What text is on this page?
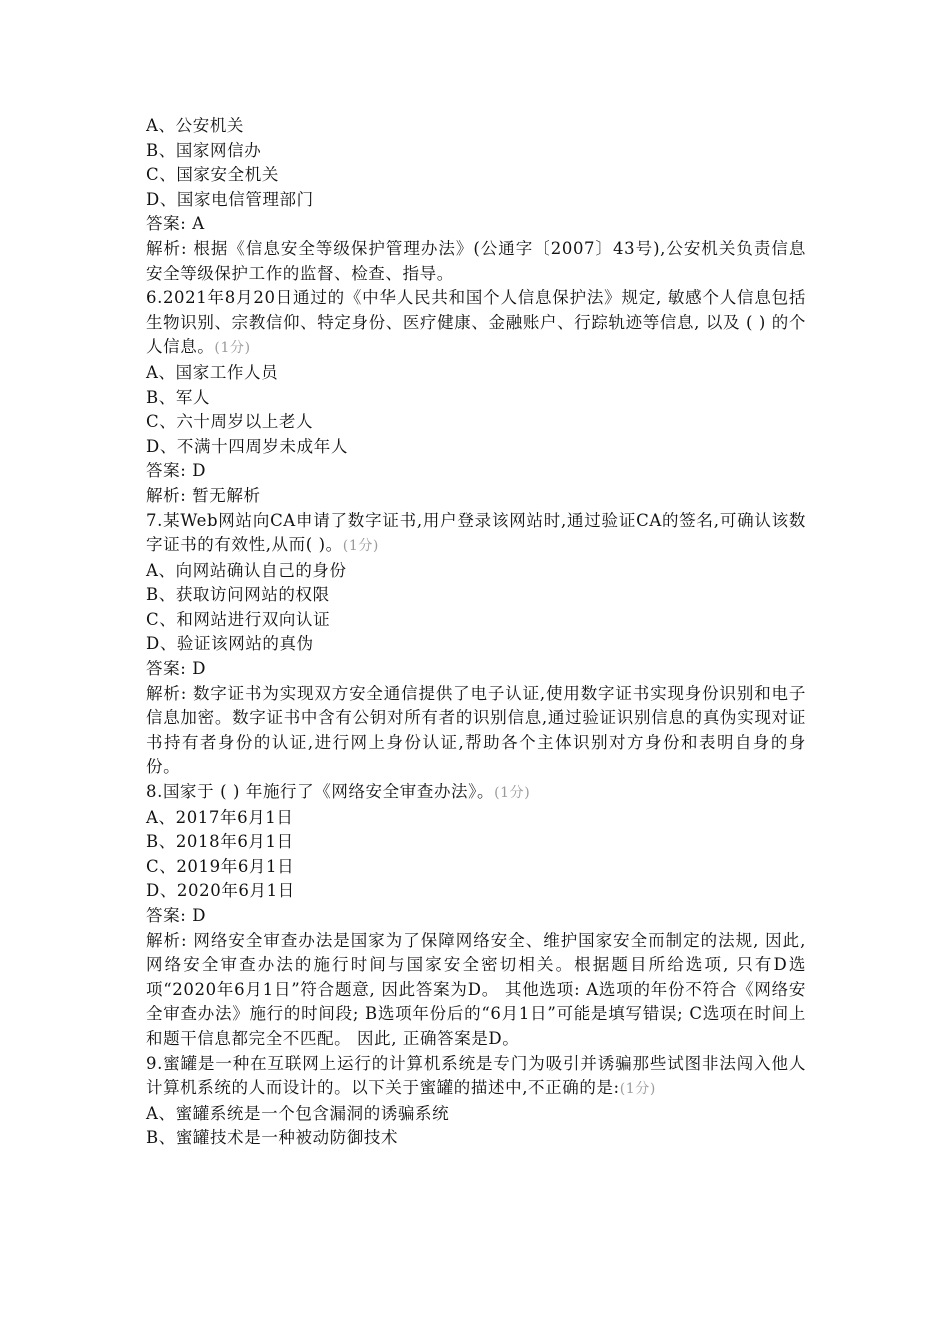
A、公安机关
B、国家网信办
C、国家安全机关
D、国家电信管理部门
答案: A
解析: 根据《信息安全等级保护管理办法》(公通字〔2007〕43号),公安机关负责信息安全等级保护工作的监督、检查、指导。
6.2021年8月20日通过的《中华人民共和国个人信息保护法》规定, 敏感个人信息包括生物识别、宗教信仰、特定身份、医疗健康、金融账户、行踪轨迹等信息, 以及 ( ) 的个人信息。(1分)
A、国家工作人员
B、军人
C、六十周岁以上老人
D、不满十四周岁未成年人
答案: D
解析: 暂无解析
7.某Web网站向CA申请了数字证书,用户登录该网站时,通过验证CA的签名,可确认该数字证书的有效性,从而( )。(1分)
A、向网站确认自己的身份
B、获取访问网站的权限
C、和网站进行双向认证
D、验证该网站的真伪
答案: D
解析: 数字证书为实现双方安全通信提供了电子认证,使用数字证书实现身份识别和电子信息加密。数字证书中含有公钥对所有者的识别信息,通过验证识别信息的真伪实现对证书持有者身份的认证,进行网上身份认证,帮助各个主体识别对方身份和表明自身的身份。
8.国家于 ( ) 年施行了《网络安全审查办法》。(1分)
A、2017年6月1日
B、2018年6月1日
C、2019年6月1日
D、2020年6月1日
答案: D
解析: 网络安全审查办法是国家为了保障网络安全、维护国家安全而制定的法规, 因此, 网络安全审查办法的施行时间与国家安全密切相关。根据题目所给选项, 只有D选项“2020年6月1日”符合题意, 因此答案为D。 其他选项: A选项的年份不符合《网络安全审查办法》施行的时间段; B选项年份后的“6月1日”可能是填写错误; C选项在时间上和题干信息都完全不匹配。 因此, 正确答案是D。
9.蜜罐是一种在互联网上运行的计算机系统是专门为吸引并诱骗那些试图非法闯入他人计算机系统的人而设计的。以下关于蜜罐的描述中,不正确的是:(1分)
A、蜜罐系统是一个包含漏洞的诱骗系统
B、蜜罐技术是一种被动防御技术
